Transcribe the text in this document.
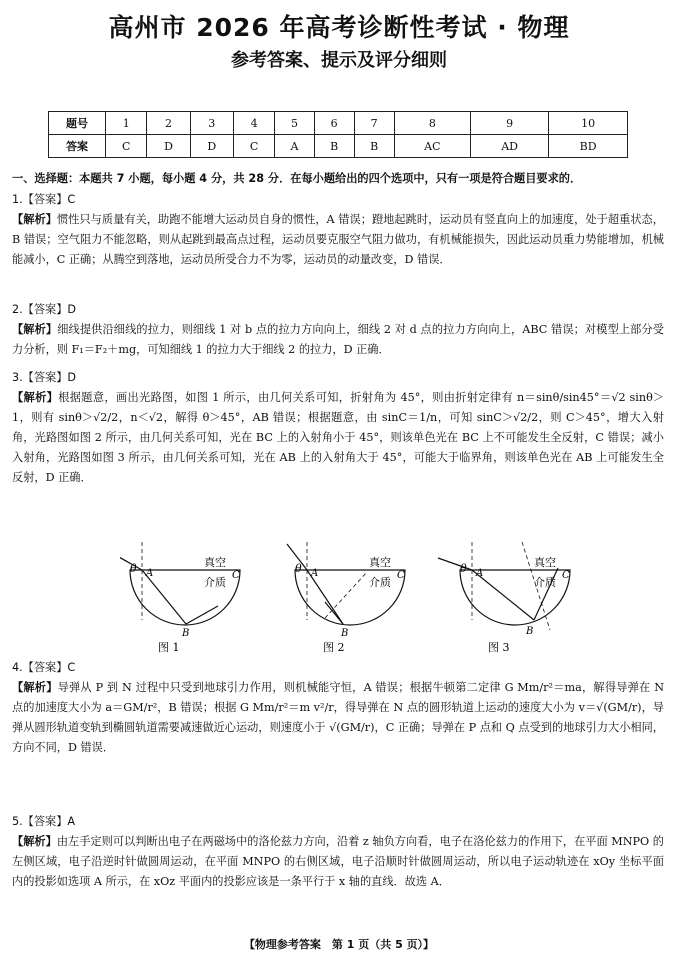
高州市 2026 年高考诊断性考试 · 物理
参考答案、提示及评分细则
题号	1	2	3	4	5	6	7	8	9	10
答案	C	D	D	C	A	B	B	AC	AD	BD
一、选择题：本题共 7 小题，每小题 4 分，共 28 分．在每小题给出的四个选项中，只有一项是符合题目要求的．
1.【答案】C

【解析】惯性只与质量有关，助跑不能增大运动员自身的惯性，A 错误；蹬地起跳时，运动员有竖直向上的加速度，处于超重状态，B 错误；空气阻力不能忽略，则从起跳到最高点过程，运动员要克服空气阻力做功，有机械能损失，因此运动员重力势能增加，机械能减小，C 正确；从腾空到落地，运动员所受合力不为零，运动员的动量改变，D 错误．

2.【答案】D

【解析】细线提供沿细线的拉力，则细线 1 对 b 点的拉力方向向上，细线 2 对 d 点的拉力方向向上，ABC 错误；对模型上部分受力分析，则 F₁＝F₂＋mg，可知细线 1 的拉力大于细线 2 的拉力，D 正确．

3.【答案】D

【解析】根据题意，画出光路图，如图 1 所示，由几何关系可知，折射角为 45°，则由折射定律有 n＝sinθ/sin45°＝√2 sinθ＞1，则有 sinθ＞√2/2，n＜√2，解得 θ＞45°，AB 错误；根据题意，由 sinC＝1/n，可知 sinC＞√2/2，则 C＞45°，增大入射角，光路图如图 2 所示，由几何关系可知，光在 BC 上的入射角小于 45°，则该单色光在 BC 上不可能发生全反射，C 错误；减小入射角，光路图如图 3 所示，由几何关系可知，光在 AB 上的入射角大于 45°，可能大于临界角，则该单色光在 AB 上可能发生全反射，D 正确．

θ A
B
C
真空
介质
图 1
θ A
B
C
真空
介质
图 2
θ A
B
C
真空
介质
图 3
4.【答案】C

【解析】导弹从 P 到 N 过程中只受到地球引力作用，则机械能守恒，A 错误；根据牛顿第二定律 G Mm/r²＝ma，解得导弹在 N 点的加速度大小为 a＝GM/r²，B 错误；根据 G Mm/r²＝m v²/r，得导弹在 N 点的圆形轨道上运动的速度大小为 v＝√(GM/r)，导弹从圆形轨道变轨到椭圆轨道需要减速做近心运动，则速度小于 √(GM/r)，C 正确；导弹在 P 点和 Q 点受到的地球引力大小相同，方向不同，D 错误．

5.【答案】A

【解析】由左手定则可以判断出电子在两磁场中的洛伦兹力方向，沿着 z 轴负方向看，电子在洛伦兹力的作用下，在平面 MNPO 的左侧区域，电子沿逆时针做圆周运动，在平面 MNPO 的右侧区域，电子沿顺时针做圆周运动，所以电子运动轨迹在 xOy 坐标平面内的投影如选项 A 所示，在 xOz 平面内的投影应该是一条平行于 x 轴的直线．故选 A．

【物理参考答案　第 1 页（共 5 页）】
